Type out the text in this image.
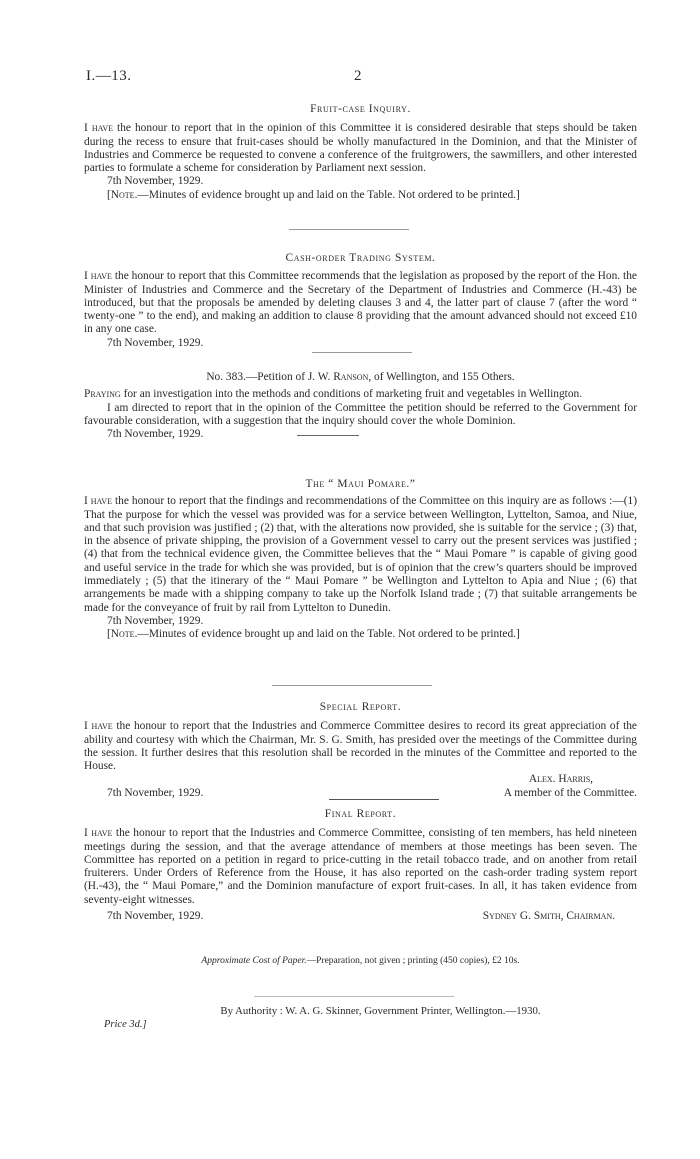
I.—13.	2

Fruit-case Inquiry.

I have the honour to report that in the opinion of this Committee it is considered desirable that steps should be taken during the recess to ensure that fruit-cases should be wholly manufactured in the Dominion, and that the Minister of Industries and Commerce be requested to convene a conference of the fruitgrowers, the sawmillers, and other interested parties to formulate a scheme for consideration by Parliament next session.

7th November, 1929.

[Note.—Minutes of evidence brought up and laid on the Table. Not ordered to be printed.]

Cash-order Trading System.

I have the honour to report that this Committee recommends that the legislation as proposed by the report of the Hon. the Minister of Industries and Commerce and the Secretary of the Department of Industries and Commerce (H.-43) be introduced, but that the proposals be amended by deleting clauses 3 and 4, the latter part of clause 7 (after the word “ twenty-one ” to the end), and making an addition to clause 8 providing that the amount advanced should not exceed £10 in any one case.

7th November, 1929.

No. 383.—Petition of J. W. Ranson, of Wellington, and 155 Others.

Praying for an investigation into the methods and conditions of marketing fruit and vegetables in Wellington.

I am directed to report that in the opinion of the Committee the petition should be referred to the Government for favourable consideration, with a suggestion that the inquiry should cover the whole Dominion.

7th November, 1929.

The “ Maui Pomare.”

I have the honour to report that the findings and recommendations of the Committee on this inquiry are as follows :—(1) That the purpose for which the vessel was provided was for a service between Wellington, Lyttelton, Samoa, and Niue, and that such provision was justified ; (2) that, with the alterations now provided, she is suitable for the service ; (3) that, in the absence of private shipping, the provision of a Government vessel to carry out the present services was justified ; (4) that from the technical evidence given, the Committee believes that the “ Maui Pomare ” is capable of giving good and useful service in the trade for which she was provided, but is of opinion that the crew’s quarters should be improved immediately ; (5) that the itinerary of the “ Maui Pomare ” be Wellington and Lyttelton to Apia and Niue ; (6) that arrangements be made with a shipping company to take up the Norfolk Island trade ; (7) that suitable arrangements be made for the conveyance of fruit by rail from Lyttelton to Dunedin.

7th November, 1929.

[Note.—Minutes of evidence brought up and laid on the Table. Not ordered to be printed.]

Special Report.

I have the honour to report that the Industries and Commerce Committee desires to record its great appreciation of the ability and courtesy with which the Chairman, Mr. S. G. Smith, has presided over the meetings of the Committee during the session. It further desires that this resolution shall be recorded in the minutes of the Committee and reported to the House.

Alex. Harris,

7th November, 1929.	A member of the Committee.

Final Report.

I have the honour to report that the Industries and Commerce Committee, consisting of ten members, has held nineteen meetings during the session, and that the average attendance of members at those meetings has been seven. The Committee has reported on a petition in regard to price-cutting in the retail tobacco trade, and on another from retail fruiterers. Under Orders of Reference from the House, it has also reported on the cash-order trading system report (H.-43), the “ Maui Pomare,” and the Dominion manufacture of export fruit-cases. In all, it has taken evidence from seventy-eight witnesses.

7th November, 1929.	Sydney G. Smith, Chairman.

Approximate Cost of Paper.—Preparation, not given ; printing (450 copies), £2 10s.

By Authority : W. A. G. Skinner, Government Printer, Wellington.—1930.

Price 3d.]
